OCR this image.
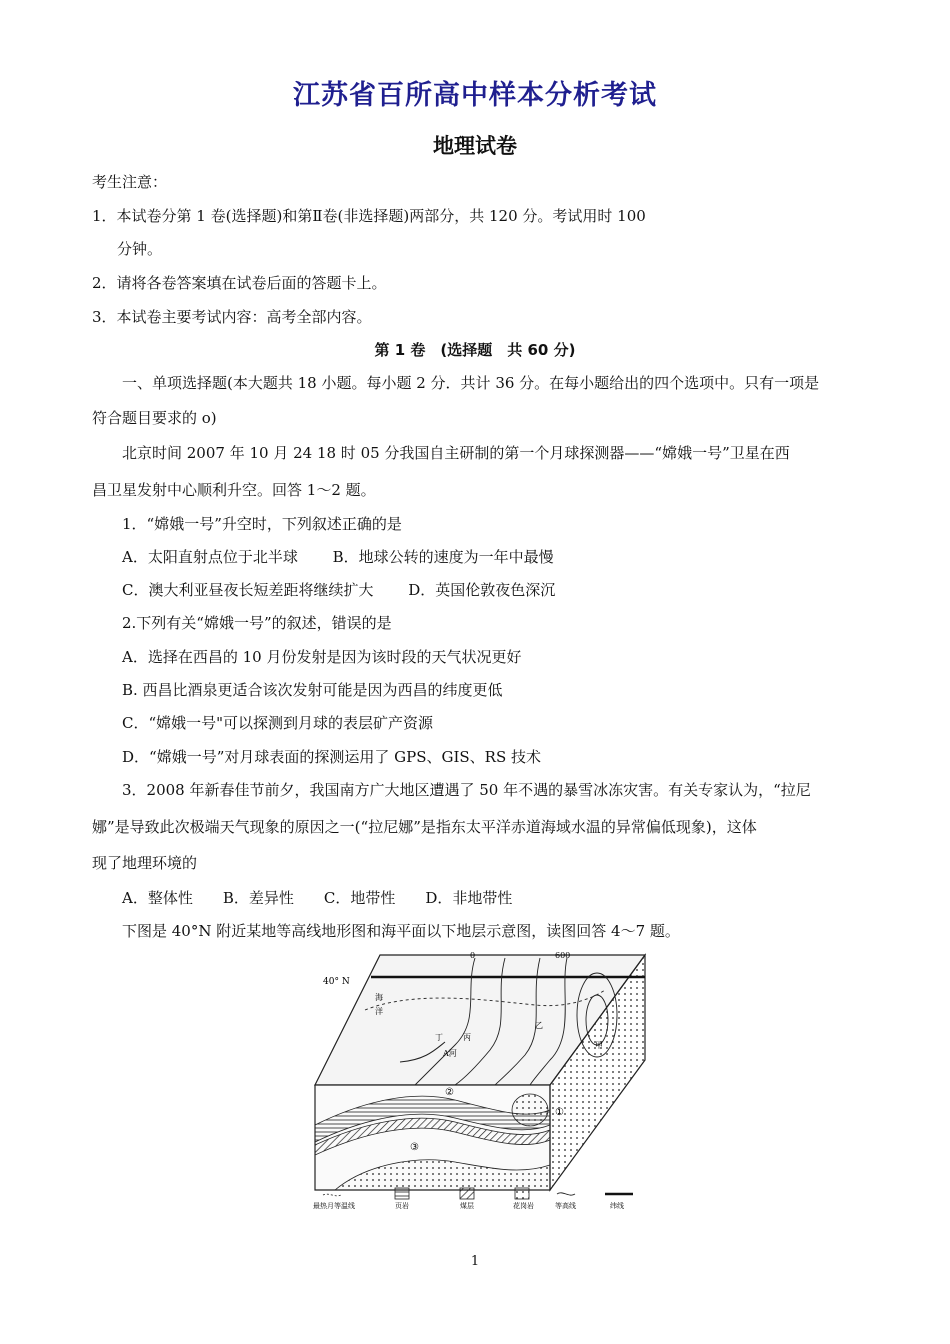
江苏省百所高中样本分析考试
地理试卷
考生注意：
1．本试卷分第 1 卷(选择题)和第Ⅱ卷(非选择题)两部分，共 120 分。考试用时 100
分钟。
2．请将各卷答案填在试卷后面的答题卡上。
3．本试卷主要考试内容：高考全部内容。
第 1 卷　(选择题　共 60 分)
一、单项选择题(本大题共 18 小题。每小题 2 分．共计 36 分。在每小题给出的四个选项中。只有一项是
符合题目要求的 o)
北京时间 2007 年 10 月 24 18 时 05 分我国自主研制的第一个月球探测器——“嫦娥一号”卫星在西
昌卫星发射中心顺利升空。回答 1～2 题。
1．“嫦娥一号”升空时，下列叙述正确的是
A．太阳直射点位于北半球　　 B．地球公转的速度为一年中最慢
C．澳大利亚昼夜长短差距将继续扩大　　 D．英国伦敦夜色深沉
2.下列有关“嫦娥一号”的叙述，错误的是
A．选择在西昌的 10 月份发射是因为该时段的天气状况更好
B. 西昌比酒泉更适合该次发射可能是因为西昌的纬度更低
C．“嫦娥一号"可以探测到月球的表层矿产资源
D．“嫦娥一号”对月球表面的探测运用了 GPS、GIS、RS 技术
3．2008 年新春佳节前夕，我国南方广大地区遭遇了 50 年不遇的暴雪冰冻灾害。有关专家认为，“拉尼
娜”是导致此次极端天气现象的原因之一(“拉尼娜”是指东太平洋赤道海域水温的异常偏低现象)，这体
现了地理环境的
A．整体性　　B．差异性　　C．地带性　　D．非地带性
下图是 40°N 附近某地等高线地形图和海平面以下地层示意图，读图回答 4～7 题。
40° N
0	600
海
洋
A河
丁	丙
乙
甲
①
②
③
最热月等温线	页岩	煤层	花岗岩	等高线	纬线
1
